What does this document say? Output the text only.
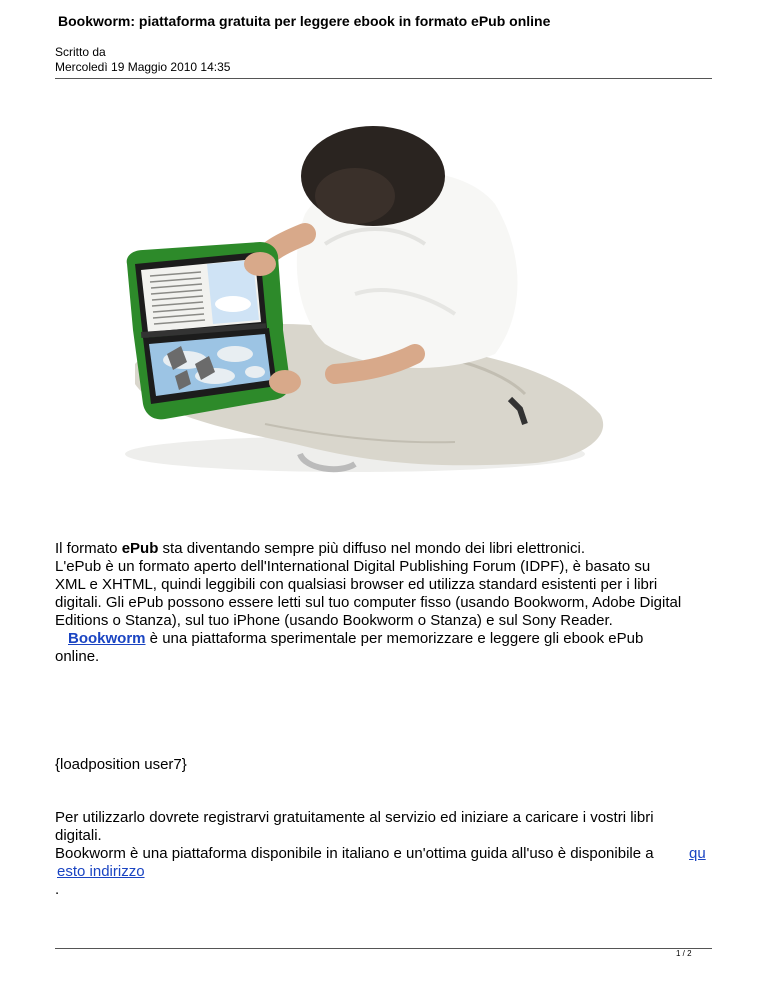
Bookworm: piattaforma gratuita per leggere ebook in formato ePub online
Scritto da
Mercoledì 19 Maggio 2010 14:35
Il formato ePub sta diventando sempre più diffuso nel mondo dei libri elettronici.
L'ePub è un formato aperto dell'International Digital Publishing Forum (IDPF), è basato su
XML e XHTML, quindi leggibili con qualsiasi browser ed utilizza standard esistenti per i libri
digitali. Gli ePub possono essere letti sul tuo computer fisso (usando Bookworm, Adobe Digital
Editions o Stanza), sul tuo iPhone (usando Bookworm o Stanza) e sul Sony Reader.
Bookworm è una piattaforma sperimentale per memorizzare e leggere gli ebook ePub
online.
{loadposition user7}
Per utilizzarlo dovrete registrarvi gratuitamente al servizio ed iniziare a caricare i vostri libri
digitali.
Bookworm è una piattaforma disponibile in italiano e un'ottima guida all'uso è disponibile a qu
esto indirizzo
.
1 / 2
